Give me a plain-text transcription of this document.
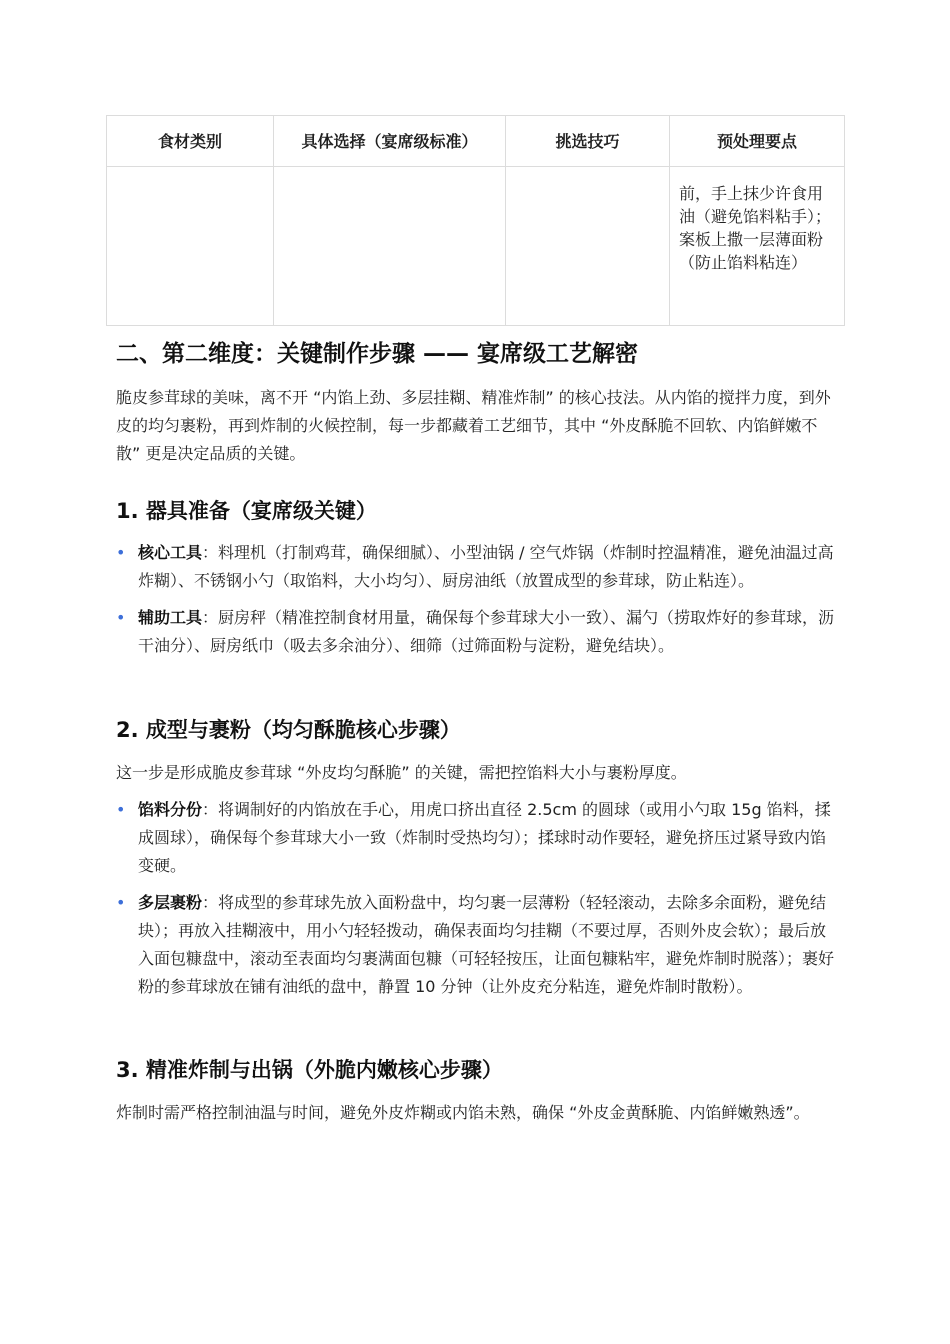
食材类别	具体选择（宴席级标准）	挑选技巧	预处理要点
			前，手上抹少许食用油（避免馅料粘手）；案板上撒一层薄面粉（防止馅料粘连）
二、第二维度：关键制作步骤 —— 宴席级工艺解密

脆皮参茸球的美味，离不开 “内馅上劲、多层挂糊、精准炸制” 的核心技法。从内馅的搅拌力度，到外皮的均匀裹粉，再到炸制的火候控制，每一步都藏着工艺细节，其中 “外皮酥脆不回软、内馅鲜嫩不散” 更是决定品质的关键。

1. 器具准备（宴席级关键）
• 核心工具：料理机（打制鸡茸，确保细腻）、小型油锅 / 空气炸锅（炸制时控温精准，避免油温过高炸糊）、不锈钢小勺（取馅料，大小均匀）、厨房油纸（放置成型的参茸球，防止粘连）。
• 辅助工具：厨房秤（精准控制食材用量，确保每个参茸球大小一致）、漏勺（捞取炸好的参茸球，沥干油分）、厨房纸巾（吸去多余油分）、细筛（过筛面粉与淀粉，避免结块）。
2. 成型与裹粉（均匀酥脆核心步骤）

这一步是形成脆皮参茸球 “外皮均匀酥脆” 的关键，需把控馅料大小与裹粉厚度。

• 馅料分份：将调制好的内馅放在手心，用虎口挤出直径 2.5cm 的圆球（或用小勺取 15g 馅料，揉成圆球），确保每个参茸球大小一致（炸制时受热均匀）；揉球时动作要轻，避免挤压过紧导致内馅变硬。
• 多层裹粉：将成型的参茸球先放入面粉盘中，均匀裹一层薄粉（轻轻滚动，去除多余面粉，避免结块）；再放入挂糊液中，用小勺轻轻拨动，确保表面均匀挂糊（不要过厚，否则外皮会软）；最后放入面包糠盘中，滚动至表面均匀裹满面包糠（可轻轻按压，让面包糠粘牢，避免炸制时脱落）；裹好粉的参茸球放在铺有油纸的盘中，静置 10 分钟（让外皮充分粘连，避免炸制时散粉）。
3. 精准炸制与出锅（外脆内嫩核心步骤）

炸制时需严格控制油温与时间，避免外皮炸糊或内馅未熟，确保 “外皮金黄酥脆、内馅鲜嫩熟透”。
